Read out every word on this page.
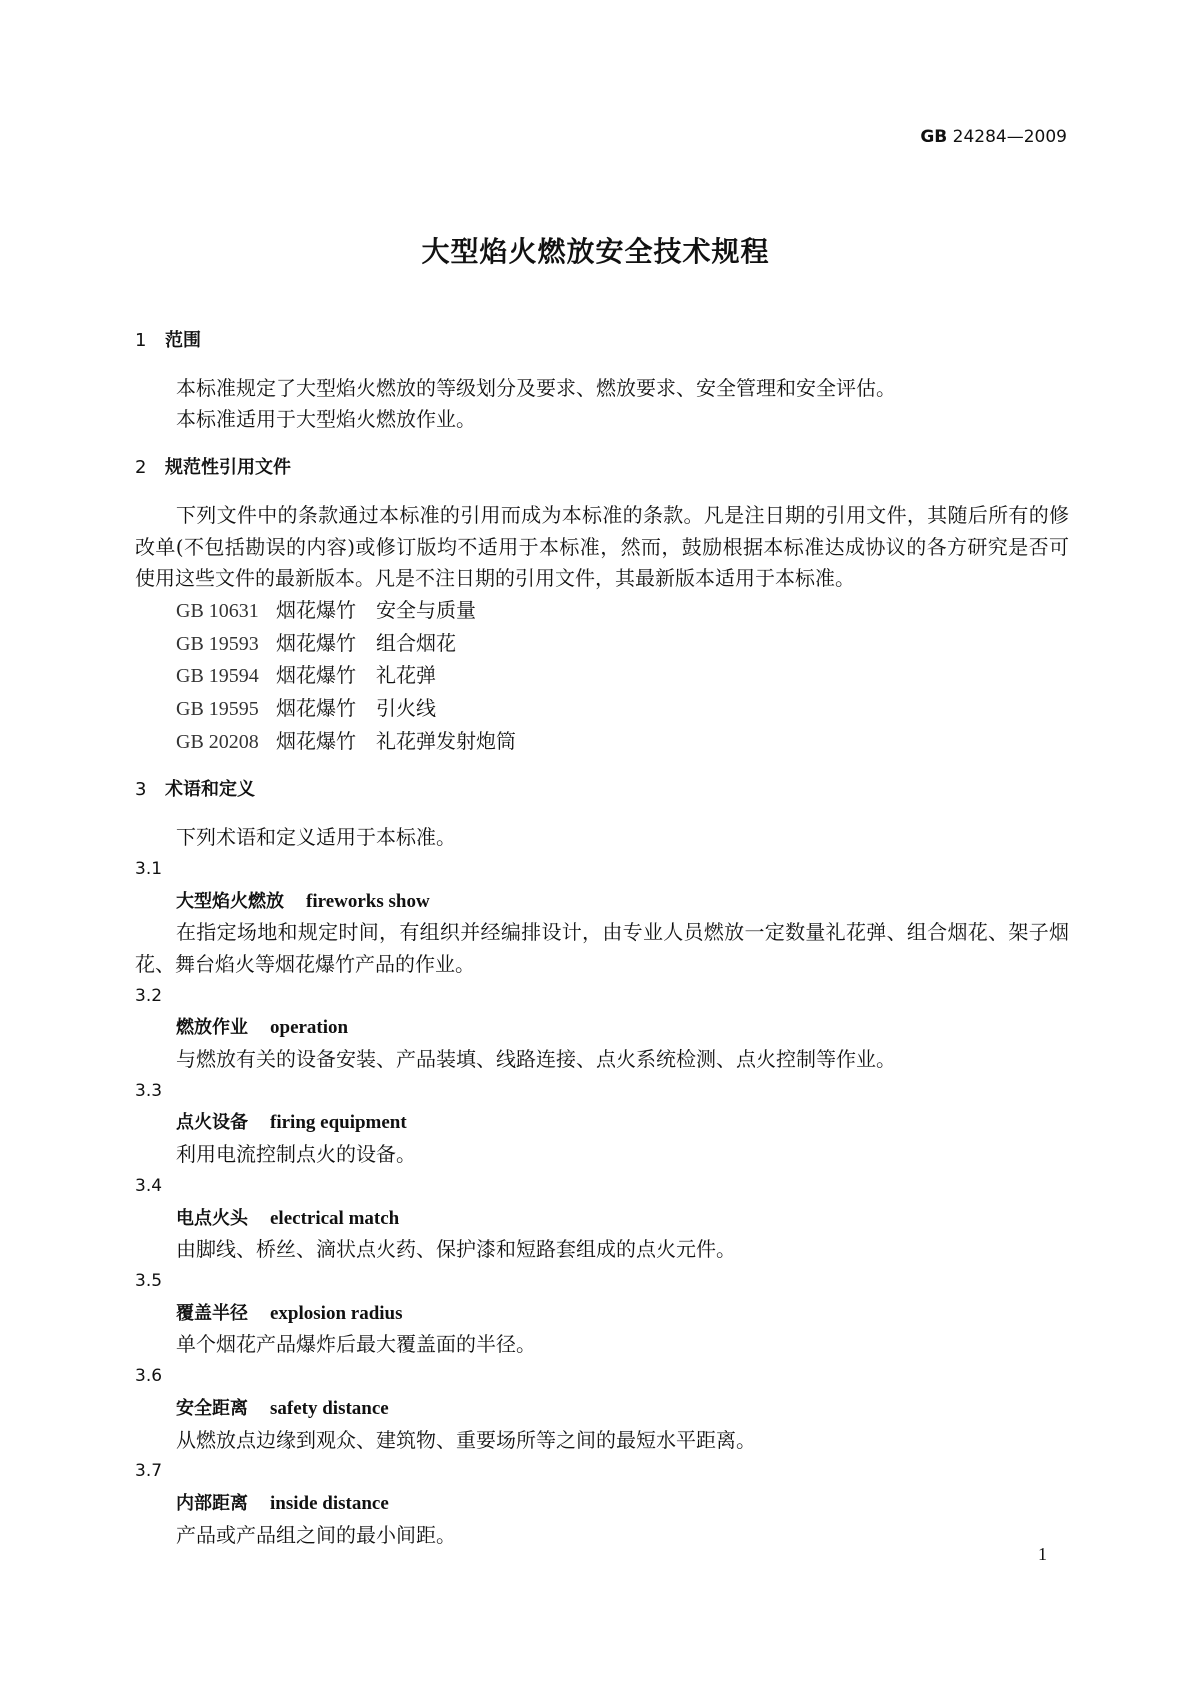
GB 24284—2009
大型焰火燃放安全技术规程
1 范围

本标准规定了大型焰火燃放的等级划分及要求、燃放要求、安全管理和安全评估。

本标准适用于大型焰火燃放作业。

2 规范性引用文件

下列文件中的条款通过本标准的引用而成为本标准的条款。凡是注日期的引用文件，其随后所有的修改单(不包括勘误的内容)或修订版均不适用于本标准，然而，鼓励根据本标准达成协议的各方研究是否可使用这些文件的最新版本。凡是不注日期的引用文件，其最新版本适用于本标准。

GB 10631 烟花爆竹 安全与质量
GB 19593 烟花爆竹 组合烟花
GB 19594 烟花爆竹 礼花弹
GB 19595 烟花爆竹 引火线
GB 20208 烟花爆竹 礼花弹发射炮筒
3 术语和定义

下列术语和定义适用于本标准。

3.1
大型焰火燃放 fireworks show

在指定场地和规定时间，有组织并经编排设计，由专业人员燃放一定数量礼花弹、组合烟花、架子烟花、舞台焰火等烟花爆竹产品的作业。

3.2
燃放作业 operation

与燃放有关的设备安装、产品装填、线路连接、点火系统检测、点火控制等作业。

3.3
点火设备 firing equipment

利用电流控制点火的设备。

3.4
电点火头 electrical match

由脚线、桥丝、滴状点火药、保护漆和短路套组成的点火元件。

3.5
覆盖半径 explosion radius

单个烟花产品爆炸后最大覆盖面的半径。

3.6
安全距离 safety distance

从燃放点边缘到观众、建筑物、重要场所等之间的最短水平距离。

3.7
内部距离 inside distance

产品或产品组之间的最小间距。

1
